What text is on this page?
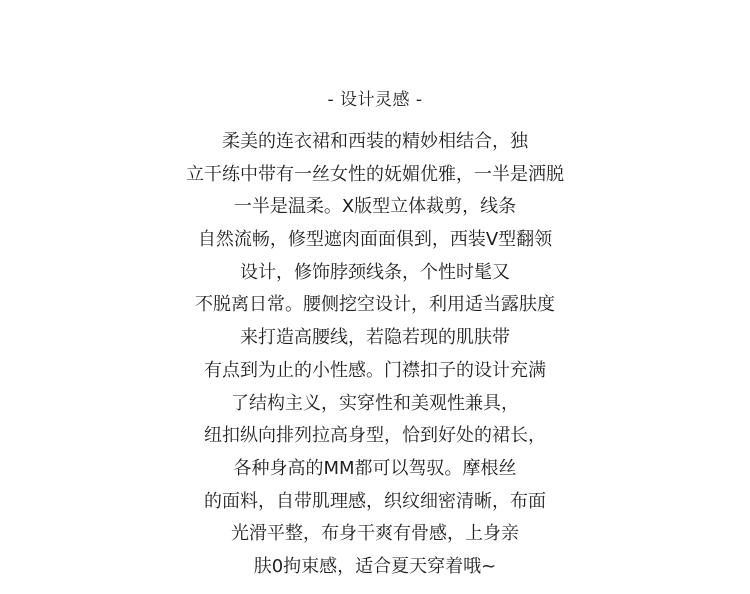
- 设计灵感 -
柔美的连衣裙和西装的精妙相结合，独
立干练中带有一丝女性的妩媚优雅，一半是洒脱
一半是温柔。X版型立体裁剪，线条
自然流畅，修型遮肉面面俱到，西装V型翻领
设计，修饰脖颈线条，个性时髦又
不脱离日常。腰侧挖空设计，利用适当露肤度
来打造高腰线，若隐若现的肌肤带
有点到为止的小性感。门襟扣子的设计充满
了结构主义，实穿性和美观性兼具，
纽扣纵向排列拉高身型，恰到好处的裙长，
各种身高的MM都可以驾驭。摩根丝
的面料，自带肌理感，织纹细密清晰，布面
光滑平整，布身干爽有骨感，上身亲
肤0拘束感，适合夏天穿着哦~
